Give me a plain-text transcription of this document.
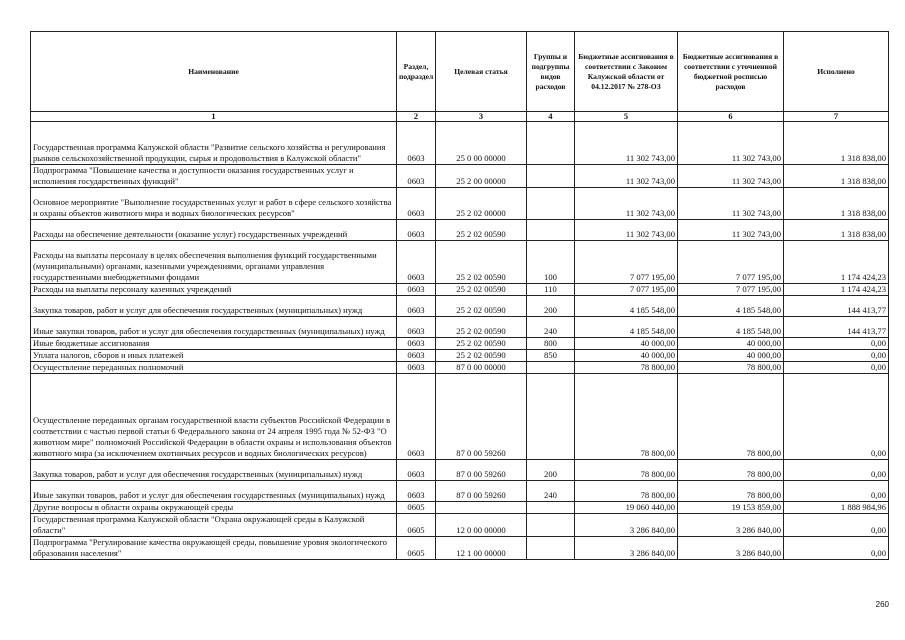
Наименование	Раздел, подраздел	Целевая статья	Группы и подгруппы видов расходов	Бюджетные ассигнования в соответствии с Законом Калужской области от 04.12.2017 № 278-ОЗ	Бюджетные ассигнования в соответствии с уточненной бюджетной росписью расходов	Исполнено
1	2	3	4	5	6	7
Государственная программа Калужской области "Развитие сельского хозяйства и регулирования рынков сельскохозяйственной продукции, сырья и продовольствия в Калужской области"	0603	25 0 00 00000		11 302 743,00	11 302 743,00	1 318 838,00
Подпрограмма "Повышение качества и доступности оказания государственных услуг и исполнения государственных функций"	0603	25 2 00 00000		11 302 743,00	11 302 743,00	1 318 838,00
Основное мероприятие "Выполнение государственных услуг и работ в сфере сельского хозяйства и охраны объектов животного мира и водных биологических ресурсов"	0603	25 2 02 00000		11 302 743,00	11 302 743,00	1 318 838,00
Расходы на обеспечение деятельности (оказание услуг) государственных учреждений	0603	25 2 02 00590		11 302 743,00	11 302 743,00	1 318 838,00
Расходы на выплаты персоналу в целях обеспечения выполнения функций государственными (муниципальными) органами, казенными учреждениями, органами управления государственными внебюджетными фондами	0603	25 2 02 00590	100	7 077 195,00	7 077 195,00	1 174 424,23
Расходы на выплаты персоналу казенных учреждений	0603	25 2 02 00590	110	7 077 195,00	7 077 195,00	1 174 424,23
Закупка товаров, работ и услуг для обеспечения государственных (муниципальных) нужд	0603	25 2 02 00590	200	4 185 548,00	4 185 548,00	144 413,77
Иные закупки товаров, работ и услуг для обеспечения государственных (муниципальных) нужд	0603	25 2 02 00590	240	4 185 548,00	4 185 548,00	144 413,77
Иные бюджетные ассигнования	0603	25 2 02 00590	800	40 000,00	40 000,00	0,00
Уплата налогов, сборов и иных платежей	0603	25 2 02 00590	850	40 000,00	40 000,00	0,00
Осуществление переданных полномочий	0603	87 0 00 00000		78 800,00	78 800,00	0,00
Осуществление переданных органам государственной власти субъектов Российской Федерации в соответствии с частью первой статьи 6 Федерального закона от 24 апреля 1995 года № 52-ФЗ "О животном мире" полномочий Российской Федерации в области охраны и использования объектов животного мира (за исключением охотничьих ресурсов и водных биологических ресурсов)	0603	87 0 00 59260		78 800,00	78 800,00	0,00
Закупка товаров, работ и услуг для обеспечения государственных (муниципальных) нужд	0603	87 0 00 59260	200	78 800,00	78 800,00	0,00
Иные закупки товаров, работ и услуг для обеспечения государственных (муниципальных) нужд	0603	87 0 00 59260	240	78 800,00	78 800,00	0,00
Другие вопросы в области охраны окружающей среды	0605			19 060 440,00	19 153 859,00	1 888 984,96
Государственная программа Калужской области "Охрана окружающей среды в Калужской области"	0605	12 0 00 00000		3 286 840,00	3 286 840,00	0,00
Подпрограмма "Регулирование качества окружающей среды, повышение уровня экологического образования населения"	0605	12 1 00 00000		3 286 840,00	3 286 840,00	0,00
260
